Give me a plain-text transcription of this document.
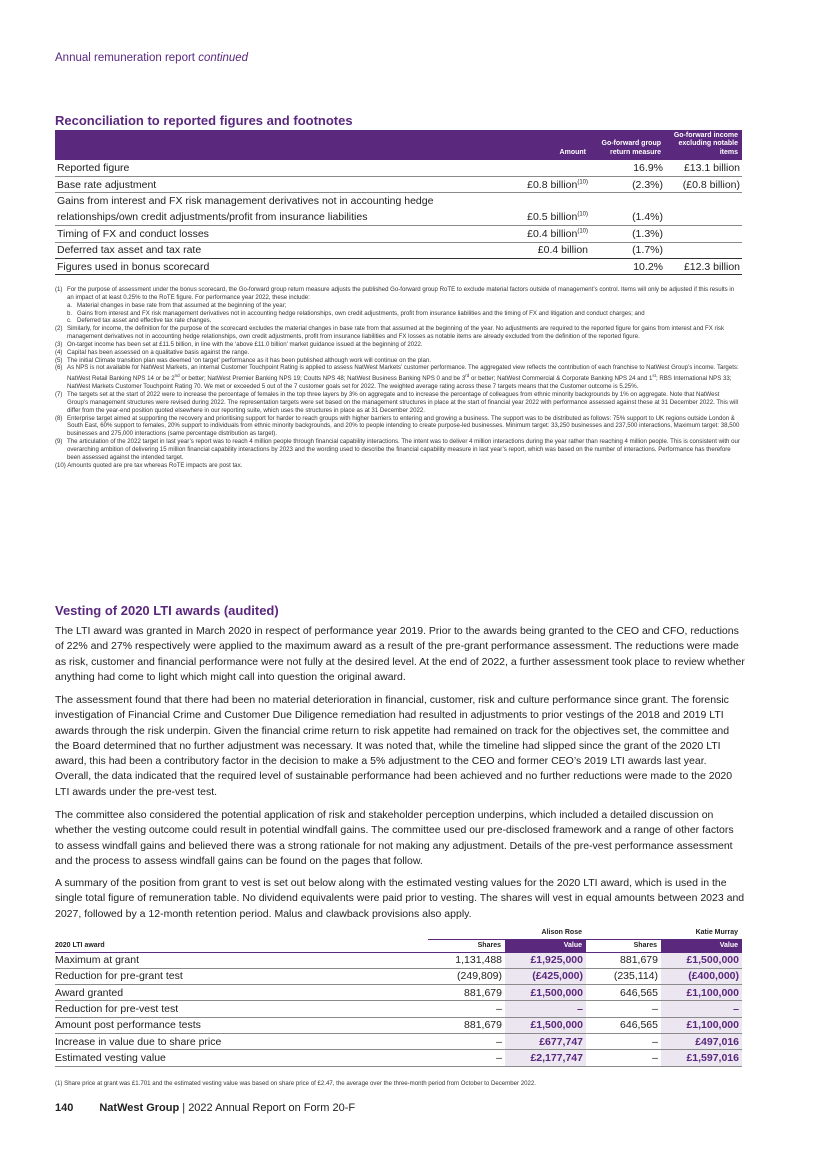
Annual remuneration report continued
Reconciliation to reported figures and footnotes
	Amount	Go-forward group return measure	Go-forward income excluding notable items
Reported figure		16.9%	£13.1 billion
Base rate adjustment	£0.8 billion$^{(10)}$	(2.3%)	(£0.8 billion)
Gains from interest and FX risk management derivatives not in accounting hedge			
relationships/own credit adjustments/profit from insurance liabilities	£0.5 billion$^{(10)}$	(1.4%)	
Timing of FX and conduct losses	£0.4 billion$^{(10)}$	(1.3%)	
Deferred tax asset and tax rate	£0.4 billion	(1.7%)	
Figures used in bonus scorecard		10.2%	£12.3 billion
(1) For the purpose of assessment under the bonus scorecard, the Go-forward group return measure adjusts the published Go-forward group RoTE to exclude material factors outside of management’s control. Items will only be adjusted if this results in an impact of at least 0.25% to the RoTE figure. For performance year 2022, these include:
a. Material changes in base rate from that assumed at the beginning of the year;
b. Gains from interest and FX risk management derivatives not in accounting hedge relationships, own credit adjustments, profit from insurance liabilities and the timing of FX and litigation and conduct charges; and
c. Deferred tax asset and effective tax rate changes.
(2) Similarly, for income, the definition for the purpose of the scorecard excludes the material changes in base rate from that assumed at the beginning of the year. No adjustments are required to the reported figure for gains from interest and FX risk management derivatives not in accounting hedge relationships, own credit adjustments, profit from insurance liabilities and FX losses as notable items are already excluded from the definition of the reported figure.
(3) On-target income has been set at £11.5 billion, in line with the ‘above £11.0 billion’ market guidance issued at the beginning of 2022.
(4) Capital has been assessed on a qualitative basis against the range.
(5) The initial Climate transition plan was deemed ‘on target’ performance as it has been published although work will continue on the plan.
(6) As NPS is not available for NatWest Markets, an internal Customer Touchpoint Rating is applied to assess NatWest Markets’ customer performance. The aggregated view reflects the contribution of each franchise to NatWest Group’s income. Targets: NatWest Retail Banking NPS 14 or be 2nd or better; NatWest Premier Banking NPS 19; Coutts NPS 48; NatWest Business Banking NPS 0 and be 3rd or better; NatWest Commercial & Corporate Banking NPS 24 and 1st; RBS International NPS 33; NatWest Markets Customer Touchpoint Rating 70. We met or exceeded 5 out of the 7 customer goals set for 2022. The weighted average rating across these 7 targets means that the Customer outcome is 5.25%.
(7) The targets set at the start of 2022 were to increase the percentage of females in the top three layers by 3% on aggregate and to increase the percentage of colleagues from ethnic minority backgrounds by 1% on aggregate. Note that NatWest Group’s management structures were revised during 2022. The representation targets were set based on the management structures in place at the start of financial year 2022 with performance assessed against these at 31 December 2022. This will differ from the year-end position quoted elsewhere in our reporting suite, which uses the structures in place as at 31 December 2022.
(8) Enterprise target aimed at supporting the recovery and prioritising support for harder to reach groups with higher barriers to entering and growing a business. The support was to be distributed as follows: 75% support to UK regions outside London & South East, 60% support to females, 20% support to individuals from ethnic minority backgrounds, and 20% to people intending to create purpose-led businesses. Minimum target: 33,250 businesses and 237,500 interactions, Maximum target: 38,500 businesses and 275,000 interactions (same percentage distribution as target).
(9) The articulation of the 2022 target in last year’s report was to reach 4 million people through financial capability interactions. The intent was to deliver 4 million interactions during the year rather than reaching 4 million people. This is consistent with our overarching ambition of delivering 15 million financial capability interactions by 2023 and the wording used to describe the financial capability measure in last year’s report, which was based on the number of interactions. Performance has therefore been assessed against the intended target.
(10) Amounts quoted are pre tax whereas RoTE impacts are post tax.
Vesting of 2020 LTI awards (audited)
The LTI award was granted in March 2020 in respect of performance year 2019. Prior to the awards being granted to the CEO and CFO, reductions of 22% and 27% respectively were applied to the maximum award as a result of the pre-grant performance assessment. The reductions were made as risk, customer and financial performance were not fully at the desired level. At the end of 2022, a further assessment took place to review whether anything had come to light which might call into question the original award.
The assessment found that there had been no material deterioration in financial, customer, risk and culture performance since grant. The forensic investigation of Financial Crime and Customer Due Diligence remediation had resulted in adjustments to prior vestings of the 2018 and 2019 LTI awards through the risk underpin. Given the financial crime return to risk appetite had remained on track for the objectives set, the committee and the Board determined that no further adjustment was necessary. It was noted that, while the timeline had slipped since the grant of the 2020 LTI award, this had been a contributory factor in the decision to make a 5% adjustment to the CEO and former CEO’s 2019 LTI awards last year. Overall, the data indicated that the required level of sustainable performance had been achieved and no further reductions were made to the 2020 LTI awards under the pre-vest test.
The committee also considered the potential application of risk and stakeholder perception underpins, which included a detailed discussion on whether the vesting outcome could result in potential windfall gains. The committee used our pre-disclosed framework and a range of other factors to assess windfall gains and believed there was a strong rationale for not making any adjustment. Details of the pre-vest performance assessment and the process to assess windfall gains can be found on the pages that follow.
A summary of the position from grant to vest is set out below along with the estimated vesting values for the 2020 LTI award, which is used in the single total figure of remuneration table. No dividend equivalents were paid prior to vesting. The shares will vest in equal amounts between 2023 and 2027, followed by a 12-month retention period. Malus and clawback provisions also apply.
	Alison Rose		Katie Murray	
2020 LTI award	Shares	Value	Shares	Value
Maximum at grant	1,131,488	£1,925,000	881,679	£1,500,000
Reduction for pre-grant test	(249,809)	(£425,000)	(235,114)	(£400,000)
Award granted	881,679	£1,500,000	646,565	£1,100,000
Reduction for pre-vest test	–	–	–	–
Amount post performance tests	881,679	£1,500,000	646,565	£1,100,000
Increase in value due to share price	–	£677,747	–	£497,016
Estimated vesting value	–	£2,177,747	–	£1,597,016
(1) Share price at grant was £1.701 and the estimated vesting value was based on share price of £2.47, the average over the three-month period from October to December 2022.
140 NatWest Group | 2022 Annual Report on Form 20-F
